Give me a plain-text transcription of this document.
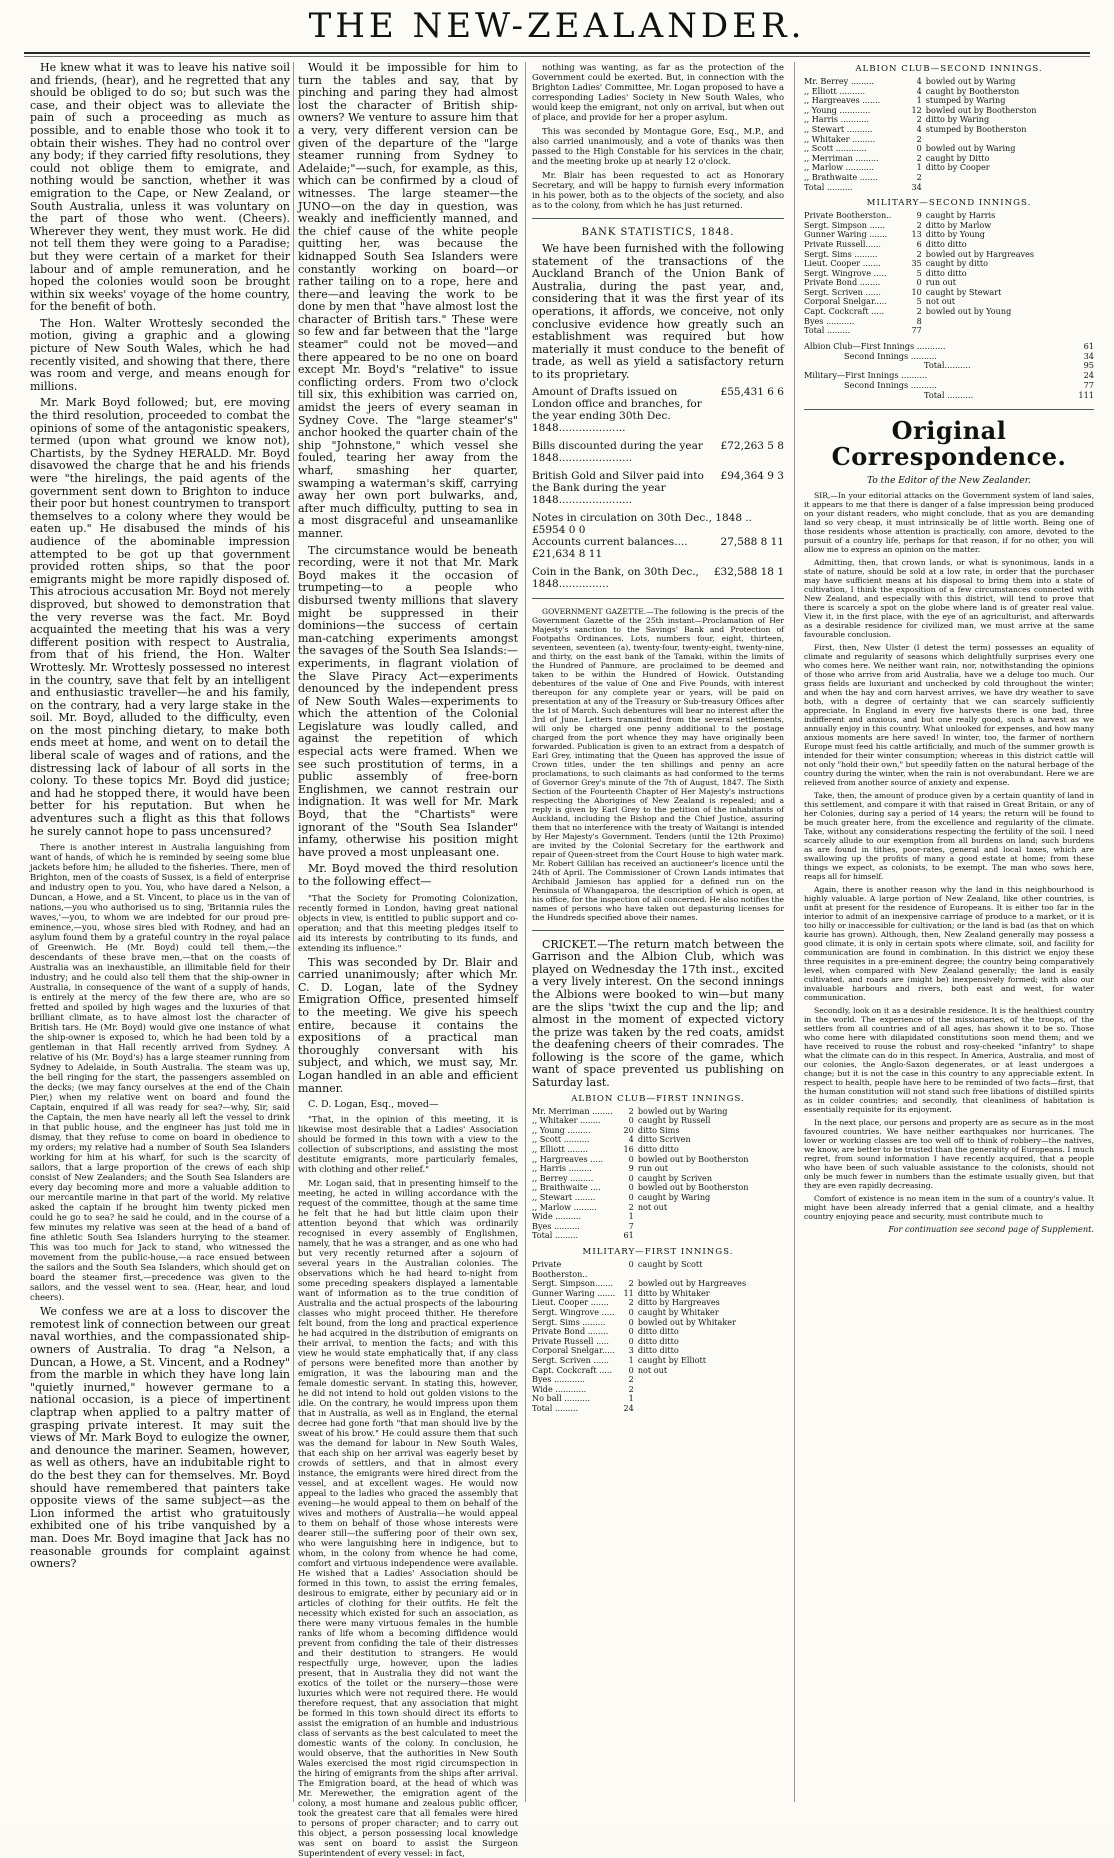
THE NEW-ZEALANDER.

He knew what it was to leave his native soil and friends, (hear), and he regretted that any should be obliged to do so; but such was the case, and their object was to alleviate the pain of such a proceeding as much as possible, and to enable those who took it to obtain their wishes. They had no control over any body; if they carried fifty resolutions, they could not oblige them to emigrate, and nothing would be sanction, whether it was emigration to the Cape, or New Zealand, or South Australia, unless it was voluntary on the part of those who went. (Cheers). Wherever they went, they must work. He did not tell them they were going to a Paradise; but they were certain of a market for their labour and of ample remuneration, and he hoped the colonies would soon be brought within six weeks' voyage of the home country, for the benefit of both.

The Hon. Walter Wrottesly seconded the motion, giving a graphic and a glowing picture of New South Wales, which he had recently visited, and showing that there, there was room and verge, and means enough for millions.

Mr. Mark Boyd followed; but, ere moving the third resolution, proceeded to combat the opinions of some of the antagonistic speakers, termed (upon what ground we know not), Chartists, by the Sydney HERALD. Mr. Boyd disavowed the charge that he and his friends were "the hirelings, the paid agents of the government sent down to Brighton to induce their poor but honest countrymen to transport themselves to a colony where they would be eaten up." He disabused the minds of his audience of the abominable impression attempted to be got up that government provided rotten ships, so that the poor emigrants might be more rapidly disposed of. This atrocious accusation Mr. Boyd not merely disproved, but showed to demonstration that the very reverse was the fact. Mr. Boyd acquainted the meeting that his was a very different position with respect to Australia, from that of his friend, the Hon. Walter Wrottesly. Mr. Wrottesly possessed no interest in the country, save that felt by an intelligent and enthusiastic traveller—he and his family, on the contrary, had a very large stake in the soil. Mr. Boyd, alluded to the difficulty, even on the most pinching dietary, to make both ends meet at home, and went on to detail the liberal scale of wages and of rations, and the distressing lack of labour of all sorts in the colony. To these topics Mr. Boyd did justice; and had he stopped there, it would have been better for his reputation. But when he adventures such a flight as this that follows he surely cannot hope to pass uncensured?

There is another interest in Australia languishing from want of hands, of which he is reminded by seeing some blue jackets before him; he alluded to the fisheries. There, men of Brighton, men of the coasts of Sussex, is a field of enterprise and industry open to you. You, who have dared a Nelson, a Duncan, a Howe, and a St. Vincent, to place us in the van of nations,—you who authorised us to sing, 'Britannia rules the waves,'—you, to whom we are indebted for our proud pre-eminence,—you, whose sires bled with Rodney, and had an asylum found them by a grateful country in the royal palace of Greenwich. He (Mr. Boyd) could tell them,—the descendants of these brave men,—that on the coasts of Australia was an inexhaustible, an illimitable field for their industry; and he could also tell them that the ship-owner in Australia, in consequence of the want of a supply of hands, is entirely at the mercy of the few there are, who are so fretted and spoiled by high wages and the luxuries of that brilliant climate, as to have almost lost the character of British tars. He (Mr. Boyd) would give one instance of what the ship-owner is exposed to, which he had been told by a gentleman in that Hall recently arrived from Sydney. A relative of his (Mr. Boyd's) has a large steamer running from Sydney to Adelaide, in South Australia. The steam was up, the bell ringing for the start, the passengers assembled on the decks; (we may fancy ourselves at the end of the Chain Pier,) when my relative went on board and found the Captain, enquired if all was ready for sea?—why, Sir, said the Captain, the men have nearly all left the vessel to drink in that public house, and the engineer has just told me in dismay, that they refuse to come on board in obedience to my orders; my relative had a number of South Sea Islanders working for him at his wharf, for such is the scarcity of sailors, that a large proportion of the crews of each ship consist of New Zealanders; and the South Sea Islanders are every day becoming more and more a valuable addition to our mercantile marine in that part of the world. My relative asked the captain if he brought him twenty picked men could he go to sea? he said he could, and in the course of a few minutes my relative was seen at the head of a band of fine athletic South Sea Islanders hurrying to the steamer. This was too much for Jack to stand, who witnessed the movement from the public-house,—a race ensued between the sailors and the South Sea Islanders, which should get on board the steamer first,—precedence was given to the sailors, and the vessel went to sea. (Hear, hear, and loud cheers).

We confess we are at a loss to discover the remotest link of connection between our great naval worthies, and the compassionated ship-owners of Australia. To drag "a Nelson, a Duncan, a Howe, a St. Vincent, and a Rodney" from the marble in which they have long lain "quietly inurned," however germane to a national occasion, is a piece of impertinent claptrap when applied to a paltry matter of grasping private interest. It may suit the views of Mr. Mark Boyd to eulogize the owner, and denounce the mariner. Seamen, however, as well as others, have an indubitable right to do the best they can for themselves. Mr. Boyd should have remembered that painters take opposite views of the same subject—as the Lion informed the artist who gratuitously exhibited one of his tribe vanquished by a man. Does Mr. Boyd imagine that Jack has no reasonable grounds for complaint against owners?

Would it be impossible for him to turn the tables and say, that by pinching and paring they had almost lost the character of British ship-owners? We venture to assure him that a very, very different version can be given of the departure of the "large steamer running from Sydney to Adelaide;"—such, for example, as this, which can be confirmed by a cloud of witnesses. The large steamer—the JUNO—on the day in question, was weakly and inefficiently manned, and the chief cause of the white people quitting her, was because the kidnapped South Sea Islanders were constantly working on board—or rather tailing on to a rope, here and there—and leaving the work to be done by men that "have almost lost the character of British tars." These were so few and far between that the "large steamer" could not be moved—and there appeared to be no one on board except Mr. Boyd's "relative" to issue conflicting orders. From two o'clock till six, this exhibition was carried on, amidst the jeers of every seaman in Sydney Cove. The "large steamer's" anchor hooked the quarter chain of the ship "Johnstone," which vessel she fouled, tearing her away from the wharf, smashing her quarter, swamping a waterman's skiff, carrying away her own port bulwarks, and, after much difficulty, putting to sea in a most disgraceful and unseamanlike manner.

The circumstance would be beneath recording, were it not that Mr. Mark Boyd makes it the occasion of trumpeting—to a people who disbursed twenty millions that slavery might be suppressed in their dominions—the success of certain man-catching experiments amongst the savages of the South Sea Islands:—experiments, in flagrant violation of the Slave Piracy Act—experiments denounced by the independent press of New South Wales—experiments to which the attention of the Colonial Legislature was loudly called, and against the repetition of which especial acts were framed. When we see such prostitution of terms, in a public assembly of free-born Englishmen, we cannot restrain our indignation. It was well for Mr. Mark Boyd, that the "Chartists" were ignorant of the "South Sea Islander" infamy, otherwise his position might have proved a most unpleasant one.

Mr. Boyd moved the third resolution to the following effect—

"That the Society for Promoting Colonization, recently formed in London, having great national objects in view, is entitled to public support and co-operation; and that this meeting pledges itself to aid its interests by contributing to its funds, and extending its influence."

This was seconded by Dr. Blair and carried unanimously; after which Mr. C. D. Logan, late of the Sydney Emigration Office, presented himself to the meeting. We give his speech entire, because it contains the expositions of a practical man thoroughly conversant with his subject, and which, we must say, Mr. Logan handled in an able and efficient manner.

C. D. Logan, Esq., moved—

"That, in the opinion of this meeting, it is likewise most desirable that a Ladies' Association should be formed in this town with a view to the collection of subscriptions, and assisting the most destitute emigrants, more particularly females, with clothing and other relief."

Mr. Logan said, that in presenting himself to the meeting, he acted in willing accordance with the request of the committee, though at the same time he felt that he had but little claim upon their attention beyond that which was ordinarily recognised in every assembly of Englishmen, namely, that he was a stranger, and as one who had but very recently returned after a sojourn of several years in the Australian colonies. The observations which he had heard to-night from some preceding speakers displayed a lamentable want of information as to the true condition of Australia and the actual prospects of the labouring classes who might proceed thither. He therefore felt bound, from the long and practical experience he had acquired in the distribution of emigrants on their arrival, to mention the facts; and with this view he would state emphatically that, if any class of persons were benefited more than another by emigration, it was the labouring man and the female domestic servant. In stating this, however, he did not intend to hold out golden visions to the idle. On the contrary, he would impress upon them that in Australia, as well as in England, the eternal decree had gone forth "that man should live by the sweat of his brow." He could assure them that such was the demand for labour in New South Wales, that each ship on her arrival was eagerly beset by crowds of settlers, and that in almost every instance, the emigrants were hired direct from the vessel, and at excellent wages. He would now appeal to the ladies who graced the assembly that evening—he would appeal to them on behalf of the wives and mothers of Australia—he would appeal to them on behalf of those whose interests were dearer still—the suffering poor of their own sex, who were languishing here in indigence, but to whom, in the colony from whence he had come, comfort and virtuous independence were available. He wished that a Ladies' Association should be formed in this town, to assist the erring females, desirous to emigrate, either by pecuniary aid or in articles of clothing for their outfits. He felt the necessity which existed for such an association, as there were many virtuous females in the humble ranks of life whom a becoming diffidence would prevent from confiding the tale of their distresses and their destitution to strangers. He would respectfully urge, however, upon the ladies present, that in Australia they did not want the exotics of the toilet or the nursery—those were luxuries which were not required there. He would therefore request, that any association that might be formed in this town should direct its efforts to assist the emigration of an humble and industrious class of servants as the best calculated to meet the domestic wants of the colony. In conclusion, he would observe, that the authorities in New South Wales exercised the most rigid circumspection in the hiring of emigrants from the ships after arrival. The Emigration board, at the head of which was Mr. Merewether, the emigration agent of the colony, a most humane and zealous public officer, took the greatest care that all females were hired to persons of proper character; and to carry out this object, a person possessing local knowledge was sent on board to assist the Surgeon Superintendent of every vessel: in fact,

nothing was wanting, as far as the protection of the Government could be exerted. But, in connection with the Brighton Ladies' Committee, Mr. Logan proposed to have a corresponding Ladies' Society in New South Wales, who would keep the emigrant, not only on arrival, but when out of place, and provide for her a proper asylum.

This was seconded by Montague Gore, Esq., M.P., and also carried unanimously, and a vote of thanks was then passed to the High Constable for his services in the chair, and the meeting broke up at nearly 12 o'clock.

Mr. Blair has been requested to act as Honorary Secretary, and will be happy to furnish every information in his power, both as to the objects of the society, and also as to the colony, from which he has just returned.

BANK STATISTICS, 1848.

We have been furnished with the following statement of the transactions of the Auckland Branch of the Union Bank of Australia, during the past year, and, considering that it was the first year of its operations, it affords, we conceive, not only conclusive evidence how greatly such an establishment was required but how materially it must conduce to the benefit of trade, as well as yield a satisfactory return to its proprietary.

Amount of Drafts issued on London office and branches, for the year ending 30th Dec. 1848....................
£55,431 6 6
Bills discounted during the year 1848......................
£72,263 5 8
British Gold and Silver paid into the Bank during the year 1848......................
£94,364 9 3
Notes in circulation on 30th Dec., 1848 .. £5954 0 0
Accounts current balances.... £21,634 8 11
27,588 8 11
Coin in the Bank, on 30th Dec., 1848...............
£32,588 18 1

GOVERNMENT GAZETTE.—The following is the precis of the Government Gazette of the 25th instant—Proclamation of Her Majesty's sanction to the Savings' Bank and Protection of Footpaths Ordinances. Lots, numbers four, eight, thirteen, seventeen, seventeen (a), twenty-four, twenty-eight, twenty-nine, and thirty, on the east bank of the Tamaki, within the limits of the Hundred of Panmure, are proclaimed to be deemed and taken to be within the Hundred of Howick. Outstanding debentures of the value of One and Five Pounds, with interest thereupon for any complete year or years, will be paid on presentation at any of the Treasury or Sub-treasury Offices after the 1st of March. Such debentures will bear no interest after the 3rd of June. Letters transmitted from the several settlements, will only be charged one penny additional to the postage charged from the port whence they may have originally been forwarded. Publication is given to an extract from a despatch of Earl Grey, intimating that the Queen has approved the issue of Crown titles, under the ten shillings and penny an acre proclamations, to such claimants as had conformed to the terms of Governor Grey's minute of the 7th of August, 1847. The Sixth Section of the Fourteenth Chapter of Her Majesty's instructions respecting the Aborigines of New Zealand is repealed; and a reply is given by Earl Grey to the petition of the inhabitants of Auckland, including the Bishop and the Chief Justice, assuring them that no interference with the treaty of Waitangi is intended by Her Majesty's Government. Tenders (until the 12th Proximo) are invited by the Colonial Secretary for the earthwork and repair of Queen-street from the Court House to high water mark. Mr. Robert Gillilan has received an auctioneer's licence until the 24th of April. The Commissioner of Crown Lands intimates that Archibald Jamieson has applied for a defined run on the Peninsula of Whangaparoa, the description of which is open, at his office, for the inspection of all concerned. He also notifies the names of persons who have taken out depasturing licenses for the Hundreds specified above their names.

CRICKET.—The return match between the Garrison and the Albion Club, which was played on Wednesday the 17th inst., excited a very lively interest. On the second innings the Albions were booked to win—but many are the slips 'twixt the cup and the lip; and almost in the moment of expected victory the prize was taken by the red coats, amidst the deafening cheers of their comrades. The following is the score of the game, which want of space prevented us publishing on Saturday last.

ALBION CLUB—FIRST INNINGS.
Mr. Merriman ........	2	bowled out by Waring
,, Whitaker ........	0	caught by Russell
,, Young .........	20	ditto Sims
,, Scott ..........	4	ditto Scriven
,, Elliott ........	16	ditto ditto
,, Hargreaves .....	0	bowled out by Bootherston
,, Harris .........	9	run out
,, Berrey .........	0	caught by Scriven
,, Braithwaite ....	0	bowled out by Bootherston
,, Stewart ........	0	caught by Waring
,, Marlow .........	2	not out
Wide ..........	1	
Byes ..........	7	
Total .........	61	
MILITARY—FIRST INNINGS.
Private Bootherston..	0	caught by Scott
Sergt. Simpson.......	2	bowled out by Hargreaves
Gunner Waring .......	11	ditto by Whitaker
Lieut. Cooper .......	2	ditto by Hargreaves
Sergt. Wingrove .....	0	caught by Whitaker
Sergt. Sims .........	0	bowled out by Whitaker
Private Bond ........	0	ditto ditto
Private Russell .....	0	ditto ditto
Corporal Snelgar.....	3	ditto ditto
Sergt. Scriven ......	1	caught by Elliott
Capt. Cockcraft .....	0	not out
Byes ............	2	
Wide ............	2	
No ball ..........	1	
Total .........	24	
ALBION CLUB—SECOND INNINGS.
Mr. Berrey .........	4	bowled out by Waring
,, Elliott ..........	4	caught by Bootherston
,, Hargreaves .......	1	stumped by Waring
,, Young ............	12	bowled out by Bootherston
,, Harris ...........	2	ditto by Waring
,, Stewart ..........	4	stumped by Bootherston
,, Whitaker .........	2	
,, Scott ............	0	bowled out by Waring
,, Merriman .........	2	caught by Ditto
,, Marlow ...........	1	ditto by Cooper
,, Brathwaite .......	2	
Total ..........	34	
MILITARY—SECOND INNINGS.
Private Bootherston..	9	caught by Harris
Sergt. Simpson ......	2	ditto by Marlow
Gunner Waring .......	13	ditto by Young
Private Russell......	6	ditto ditto
Sergt. Sims .........	2	bowled out by Hargreaves
Lieut. Cooper .......	35	caught by ditto
Sergt. Wingrove .....	5	ditto ditto
Private Bond ........	0	run out
Sergt. Scriven ......	10	caught by Stewart
Corporal Snelgar.....	5	not out
Capt. Cockcraft .....	2	bowled out by Young
Byes ...........	8	
Total .........	77	
Albion Club—First Innings ...........	61
Second Innings ..........	34
Total..........	95
Military—First Innings ..........	24
Second Innings ..........	77
Total ..........	111
Original Correspondence.
To the Editor of the New Zealander.

SIR,—In your editorial attacks on the Government system of land sales, it appears to me that there is danger of a false impression being produced on your distant readers, who might conclude, that as you are demanding land so very cheap, it must intrinsically be of little worth. Being one of those residents whose attention is practically, con amore, devoted to the pursuit of a country life, perhaps for that reason, if for no other, you will allow me to express an opinion on the matter.

Admitting, then, that crown lands, or what is synonimous, lands in a state of nature, should be sold at a low rate, in order that the purchaser may have sufficient means at his disposal to bring them into a state of cultivation, I think the exposition of a few circumstances connected with New Zealand, and especially with this district, will tend to prove that there is scarcely a spot on the globe where land is of greater real value. View it, in the first place, with the eye of an agriculturist, and afterwards as a desirable residence for civilized man, we must arrive at the same favourable conclusion.

First, then, New Ulster (I detest the term) possesses an equality of climate and regularity of seasons which delightfully surprises every one who comes here. We neither want rain, nor, notwithstanding the opinions of those who arrive from arid Australia, have we a deluge too much. Our grass fields are luxuriant and unchecked by cold throughout the winter; and when the hay and corn harvest arrives, we have dry weather to save both, with a degree of certainty that we can scarcely sufficiently appreciate. In England in every five harvests there is one bad, three indifferent and anxious, and but one really good, such a harvest as we annually enjoy in this country. What unlooked for expenses, and how many anxious moments are here saved! In winter, too, the farmer of northern Europe must feed his cattle artificially, and much of the summer growth is intended for their winter consumption; whereas in this district cattle will not only "hold their own," but speedily fatten on the natural herbage of the country during the winter, when the rain is not overabundant. Here we are relieved from another source of anxiety and expense.

Take, then, the amount of produce given by a certain quantity of land in this settlement, and compare it with that raised in Great Britain, or any of her Colonies, during say a period of 14 years; the return will be found to be much greater here, from the excellence and regularity of the climate. Take, without any considerations respecting the fertility of the soil. I need scarcely allude to our exemption from all burdens on land; such burdens as are found in tithes, poor-rates, general and local taxes, which are swallowing up the profits of many a good estate at home; from these things we expect, as colonists, to be exempt. The man who sows here, reaps all for himself.

Again, there is another reason why the land in this neighbourhood is highly valuable. A large portion of New Zealand, like other countries, is unfit at present for the residence of Europeans. It is either too far in the interior to admit of an inexpensive carriage of produce to a market, or it is too hilly or inaccessible for cultivation; or the land is bad (as that on which kaurie has grown). Although, then, New Zealand generally may possess a good climate, it is only in certain spots where climate, soil, and facility for communication are found in combination. In this district we enjoy these three requisites in a pre-eminent degree; the country being comparatively level, when compared with New Zealand generally; the land is easily cultivated, and roads are (might be) inexpensively formed; with also our invaluable harbours and rivers, both east and west, for water communication.

Secondly, look on it as a desirable residence. It is the healthiest country in the world. The experience of the missionaries, of the troops, of the settlers from all countries and of all ages, has shown it to be so. Those who come here with dilapidated constitutions soon mend them; and we have received to rouse the robust and rosy-cheeked "infantry" to shape what the climate can do in this respect. In America, Australia, and most of our colonies, the Anglo-Saxon degenerates, or at least undergoes a change; but it is not the case in this country to any appreciable extent. In respect to health, people have here to be reminded of two facts—first, that the human constitution will not stand such free libations of distilled spirits as in colder countries; and secondly, that cleanliness of habitation is essentially requisite for its enjoyment.

In the next place, our persons and property are as secure as in the most favoured countries. We have neither earthquakes nor hurricanes. The lower or working classes are too well off to think of robbery—the natives, we know, are better to be trusted than the generality of Europeans. I much regret, from sound information I have recently acquired, that a people who have been of such valuable assistance to the colonists, should not only be much fewer in numbers than the estimate usually given, but that they are even rapidly decreasing.

Comfort of existence is no mean item in the sum of a country's value. It might have been already inferred that a genial climate, and a healthy country enjoying peace and security, must contribute much to

For continuation see second page of Supplement.
